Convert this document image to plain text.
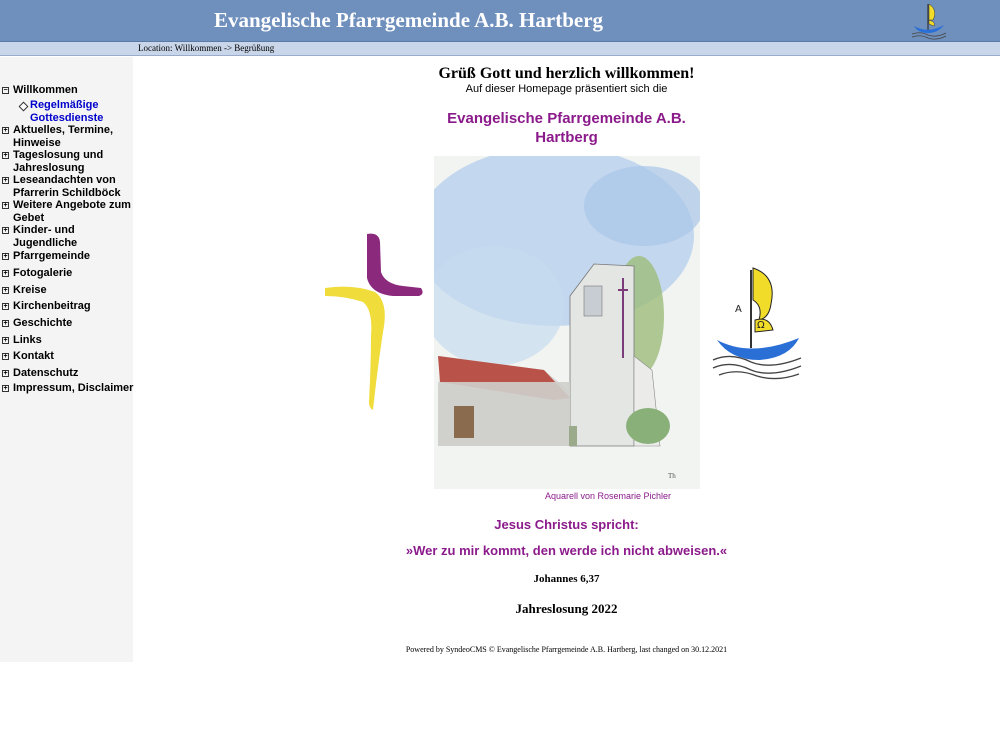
Evangelische Pfarrgemeinde A.B. Hartberg
Location: Willkommen -> Begrüßung
− Willkommen
Regelmäßige Gottesdienste
+ Aktuelles, Termine, Hinweise
+ Tageslosung und Jahreslosung
+ Leseandachten von Pfarrerin Schildböck
+ Weitere Angebote zum Gebet
+ Kinder- und Jugendliche
+ Pfarrgemeinde
+ Fotogalerie
+ Kreise
+ Kirchenbeitrag
+ Geschichte
+ Links
+ Kontakt
+ Datenschutz
+ Impressum, Disclaimer
Grüß Gott und herzlich willkommen!
Auf dieser Homepage präsentiert sich die
Evangelische Pfarrgemeinde A.B. Hartberg
Th
Aquarell von Rosemarie Pichler
A
Ω
Jesus Christus spricht:
»Wer zu mir kommt, den werde ich nicht abweisen.«
Johannes 6,37
Jahreslosung 2022
Powered by SyndeoCMS © Evangelische Pfarrgemeinde A.B. Hartberg, last changed on 30.12.2021
